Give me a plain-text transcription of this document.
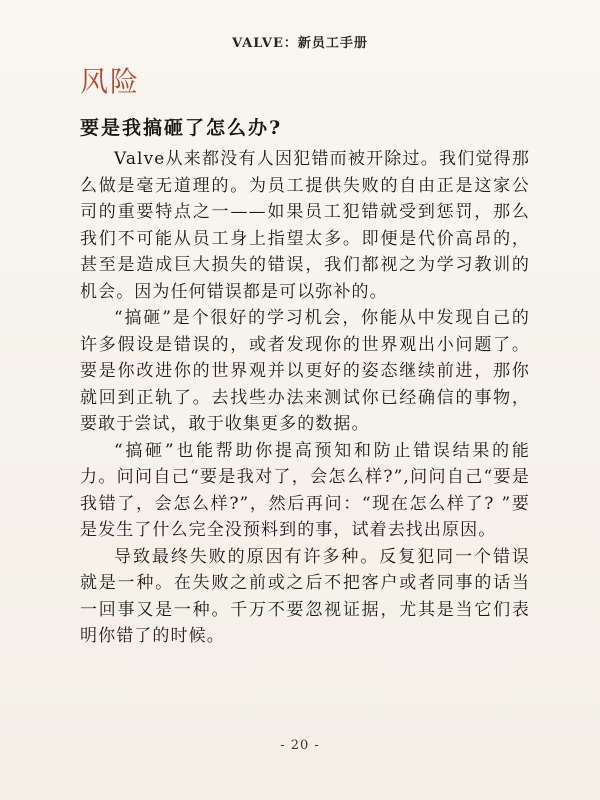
VALVE：新员工手册
风险
要是我搞砸了怎么办?

Valve从来都没有人因犯错而被开除过。我们觉得那么做是毫无道理的。为员工提供失败的自由正是这家公司的重要特点之一——如果员工犯错就受到惩罚，那么我们不可能从员工身上指望太多。即便是代价高昂的，甚至是造成巨大损失的错误，我们都视之为学习教训的机会。因为任何错误都是可以弥补的。

“搞砸”是个很好的学习机会，你能从中发现自己的许多假设是错误的，或者发现你的世界观出小问题了。要是你改进你的世界观并以更好的姿态继续前进，那你就回到正轨了。去找些办法来测试你已经确信的事物，要敢于尝试，敢于收集更多的数据。

“搞砸”也能帮助你提高预知和防止错误结果的能力。问问自己“要是我对了，会怎么样?”,问问自己“要是我错了，会怎么样?”，然后再问：“现在怎么样了? ”要是发生了什么完全没预料到的事，试着去找出原因。

导致最终失败的原因有许多种。反复犯同一个错误就是一种。在失败之前或之后不把客户或者同事的话当一回事又是一种。千万不要忽视证据，尤其是当它们表明你错了的时候。

- 20 -
